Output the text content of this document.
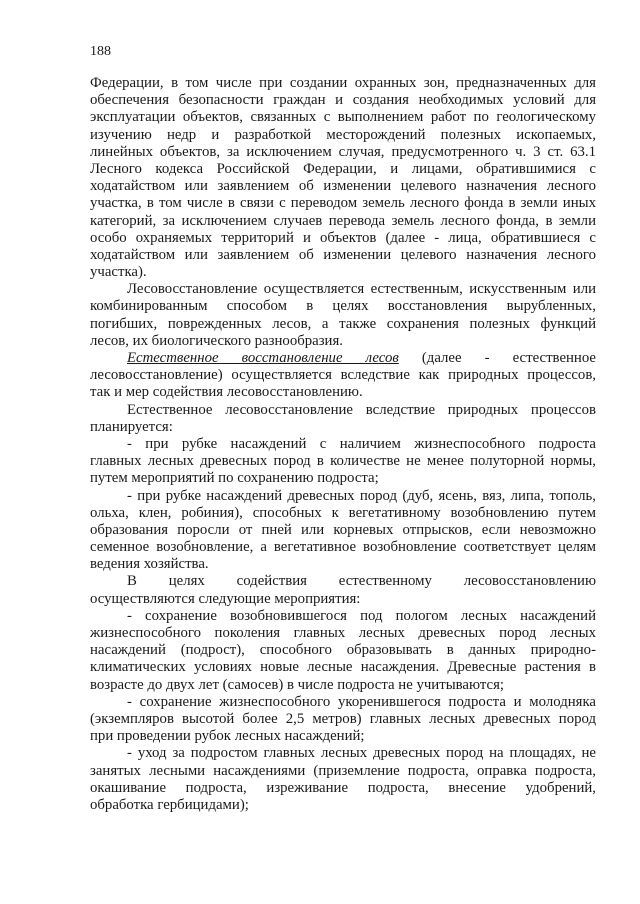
188
Федерации, в том числе при создании охранных зон, предназначенных для
обеспечения безопасности граждан и создания необходимых условий для
эксплуатации объектов, связанных с выполнением работ по геологическому
изучению недр и разработкой месторождений полезных ископаемых,
линейных объектов, за исключением случая, предусмотренного ч. 3 ст. 63.1
Лесного кодекса Российской Федерации, и лицами, обратившимися с
ходатайством или заявлением об изменении целевого назначения лесного
участка, в том числе в связи с переводом земель лесного фонда в земли иных
категорий, за исключением случаев перевода земель лесного фонда, в земли
особо охраняемых территорий и объектов (далее - лица, обратившиеся с
ходатайством или заявлением об изменении целевого назначения лесного
участка).
Лесовосстановление осуществляется естественным, искусственным или
комбинированным способом в целях восстановления вырубленных,
погибших, поврежденных лесов, а также сохранения полезных функций
лесов, их биологического разнообразия.
Естественное восстановление лесов (далее - естественное
лесовосстановление) осуществляется вследствие как природных процессов,
так и мер содействия лесовосстановлению.
Естественное лесовосстановление вследствие природных процессов
планируется:
- при рубке насаждений с наличием жизнеспособного подроста
главных лесных древесных пород в количестве не менее полуторной нормы,
путем мероприятий по сохранению подроста;
- при рубке насаждений древесных пород (дуб, ясень, вяз, липа, тополь,
ольха, клен, робиния), способных к вегетативному возобновлению путем
образования поросли от пней или корневых отпрысков, если невозможно
семенное возобновление, а вегетативное возобновление соответствует целям
ведения хозяйства.
В целях содействия естественному лесовосстановлению
осуществляются следующие мероприятия:
- сохранение возобновившегося под пологом лесных насаждений
жизнеспособного поколения главных лесных древесных пород лесных
насаждений (подрост), способного образовывать в данных природно-
климатических условиях новые лесные насаждения. Древесные растения в
возрасте до двух лет (самосев) в числе подроста не учитываются;
- сохранение жизнеспособного укоренившегося подроста и молодняка
(экземпляров высотой более 2,5 метров) главных лесных древесных пород
при проведении рубок лесных насаждений;
- уход за подростом главных лесных древесных пород на площадях, не
занятых лесными насаждениями (приземление подроста, оправка подроста,
окашивание подроста, изреживание подроста, внесение удобрений,
обработка гербицидами);
